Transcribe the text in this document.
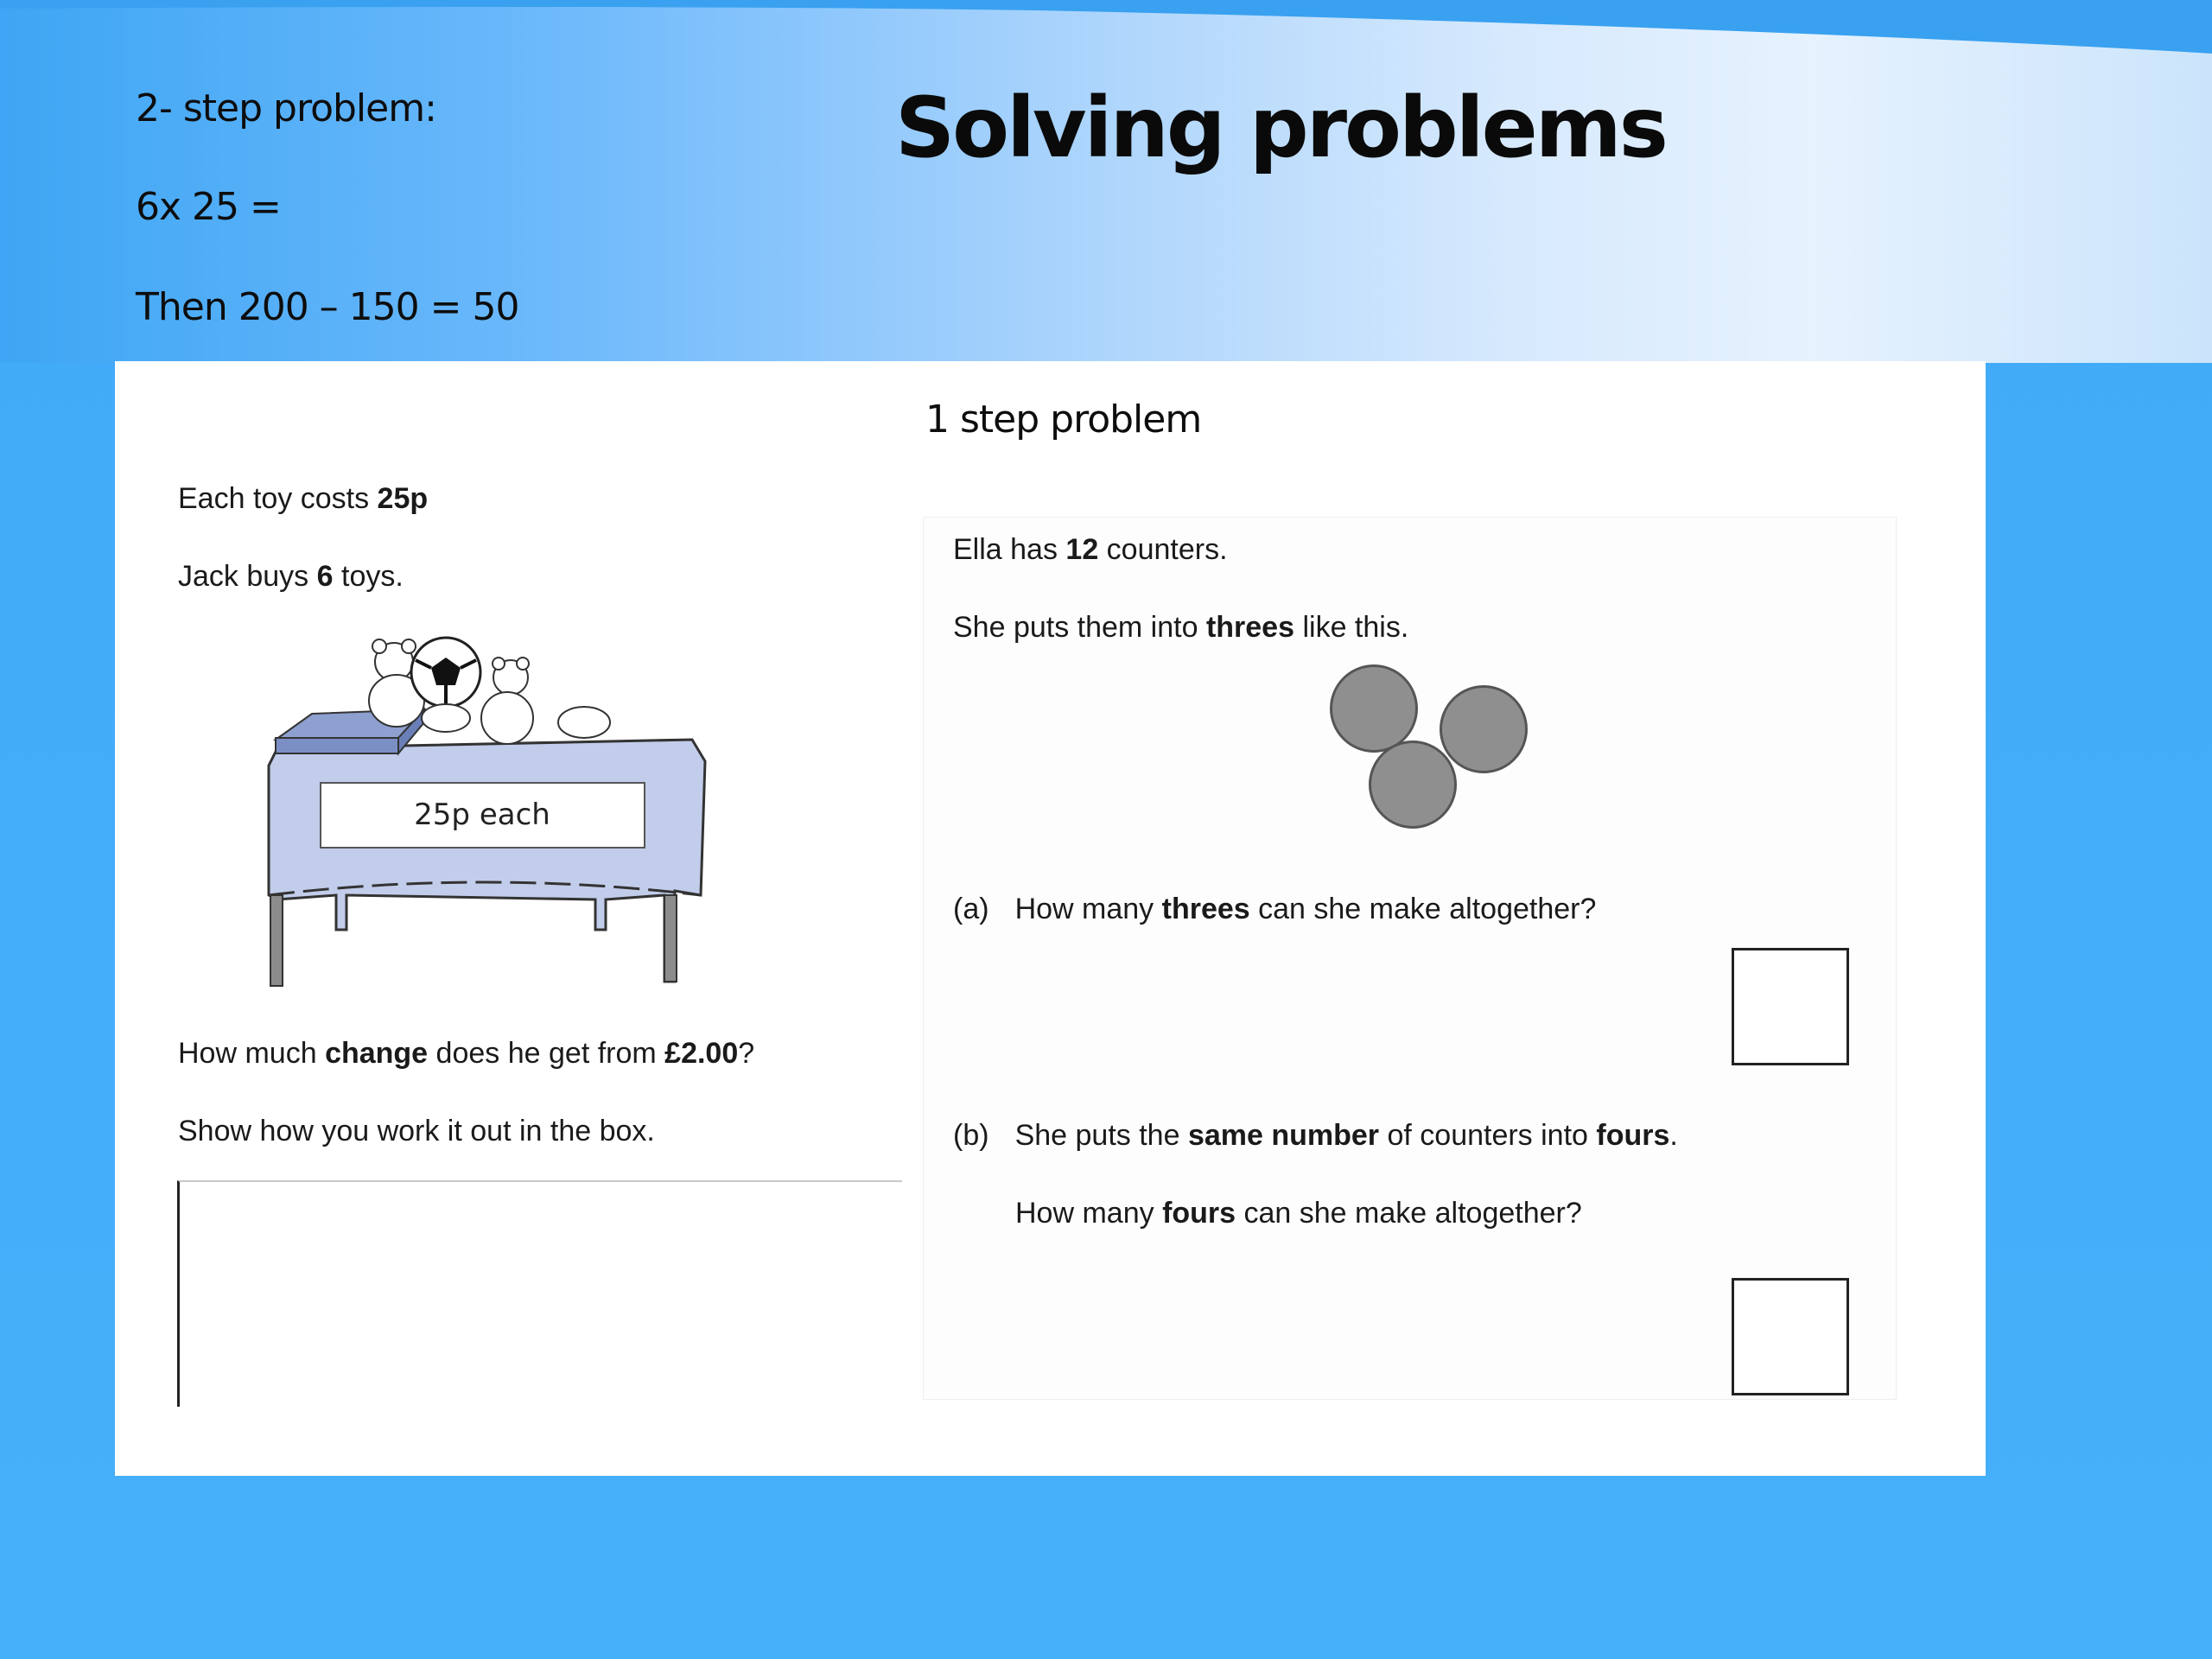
2- step problem:
6x 25 =
Then 200 – 150 = 50
Solving problems
Each toy costs 25p
Jack buys 6 toys.
25p each
How much change does he get from £2.00?
Show how you work it out in the box.
1 step problem
Ella has 12 counters.
She puts them into threes like this.
(a) How many threes can she make altogether?
(b) She puts the same number of counters into fours.
How many fours can she make altogether?
